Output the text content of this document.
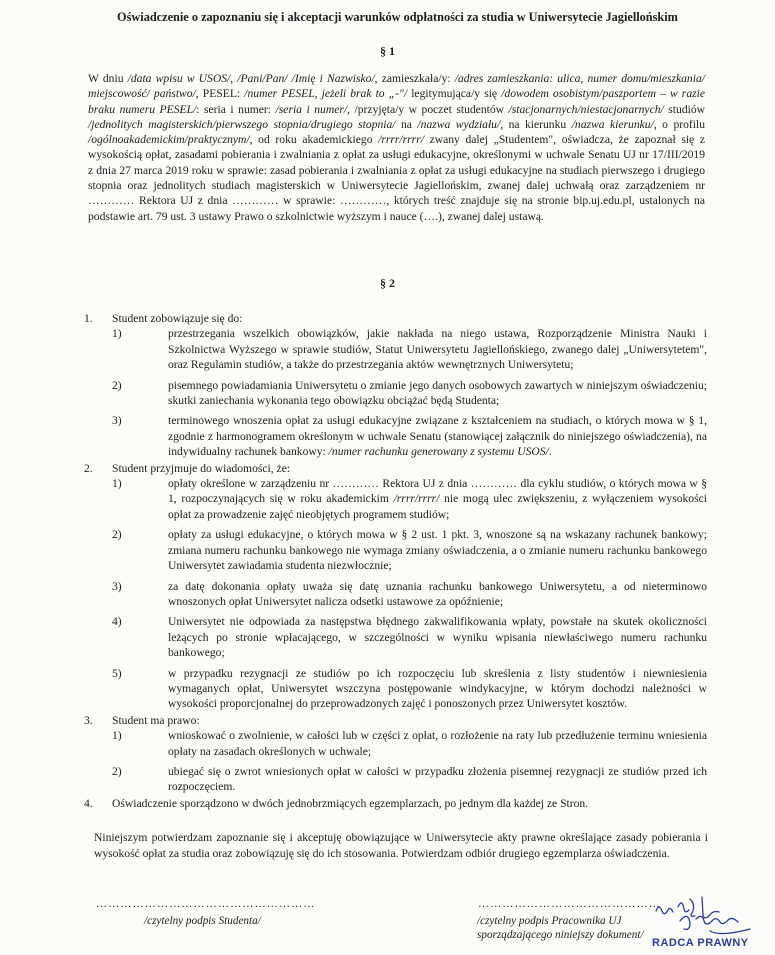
Oświadczenie o zapoznaniu się i akceptacji warunków odpłatności za studia w Uniwersytecie Jagiellońskim
§ 1
W dniu /data wpisu w USOS/, /Pani/Pan/ /Imię i Nazwisko/, zamieszkała/y: /adres zamieszkania: ulica, numer domu/mieszkania/ miejscowość/ państwo/, PESEL: /numer PESEL, jeżeli brak to „-"/ legitymująca/y się /dowodem osobistym/paszportem – w razie braku numeru PESEL/: seria i numer: /seria i numer/, /przyjęta/y w poczet studentów /stacjonarnych/niestacjonarnych/ studiów /jednolitych magisterskich/pierwszego stopnia/drugiego stopnia/ na /nazwa wydziału/, na kierunku /nazwa kierunku/, o profilu /ogólnoakademickim/praktycznym/, od roku akademickiego /rrrr/rrrr/ zwany dalej „Studentem", oświadcza, że zapoznał się z wysokością opłat, zasadami pobierania i zwalniania z opłat za usługi edukacyjne, określonymi w uchwale Senatu UJ nr 17/III/2019 z dnia 27 marca 2019 roku w sprawie: zasad pobierania i zwalniania z opłat za usługi edukacyjne na studiach pierwszego i drugiego stopnia oraz jednolitych studiach magisterskich w Uniwersytecie Jagiellońskim, zwanej dalej uchwałą oraz zarządzeniem nr ………… Rektora UJ z dnia ………… w sprawie: …………, których treść znajduje się na stronie bip.uj.edu.pl, ustalonych na podstawie art. 79 ust. 3 ustawy Prawo o szkolnictwie wyższym i nauce (….), zwanej dalej ustawą.
§ 2
1. Student zobowiązuje się do:
1)	przestrzegania wszelkich obowiązków, jakie nakłada na niego ustawa, Rozporządzenie Ministra Nauki i Szkolnictwa Wyższego w sprawie studiów, Statut Uniwersytetu Jagiellońskiego, zwanego dalej „Uniwersytetem", oraz Regulamin studiów, a także do przestrzegania aktów wewnętrznych Uniwersytetu;
2)	pisemnego powiadamiania Uniwersytetu o zmianie jego danych osobowych zawartych w niniejszym oświadczeniu; skutki zaniechania wykonania tego obowiązku obciążać będą Studenta;
3)	terminowego wnoszenia opłat za usługi edukacyjne związane z kształceniem na studiach, o których mowa w § 1, zgodnie z harmonogramem określonym w uchwale Senatu (stanowiącej załącznik do niniejszego oświadczenia), na indywidualny rachunek bankowy: /numer rachunku generowany z systemu USOS/.
2. Student przyjmuje do wiadomości, że:
1)	opłaty określone w zarządzeniu nr ………… Rektora UJ z dnia ………… dla cyklu studiów, o których mowa w § 1, rozpoczynających się w roku akademickim /rrrr/rrrr/ nie mogą ulec zwiększeniu, z wyłączeniem wysokości opłat za prowadzenie zajęć nieobjętych programem studiów;
2)	opłaty za usługi edukacyjne, o których mowa w § 2 ust. 1 pkt. 3, wnoszone są na wskazany rachunek bankowy; zmiana numeru rachunku bankowego nie wymaga zmiany oświadczenia, a o zmianie numeru rachunku bankowego Uniwersytet zawiadamia studenta niezwłocznie;
3)	za datę dokonania opłaty uważa się datę uznania rachunku bankowego Uniwersytetu, a od nieterminowo wnoszonych opłat Uniwersytet nalicza odsetki ustawowe za opóźnienie;
4)	Uniwersytet nie odpowiada za następstwa błędnego zakwalifikowania wpłaty, powstałe na skutek okoliczności leżących po stronie wpłacającego, w szczególności w wyniku wpisania niewłaściwego numeru rachunku bankowego;
5)	w przypadku rezygnacji ze studiów po ich rozpoczęciu lub skreślenia z listy studentów i niewniesienia wymaganych opłat, Uniwersytet wszczyna postępowanie windykacyjne, w którym dochodzi należności w wysokości proporcjonalnej do przeprowadzonych zajęć i ponoszonych przez Uniwersytet kosztów.
3. Student ma prawo:
1)	wnioskować o zwolnienie, w całości lub w części z opłat, o rozłożenie na raty lub przedłużenie terminu wniesienia opłaty na zasadach określonych w uchwale;
2)	ubiegać się o zwrot wniesionych opłat w całości w przypadku złożenia pisemnej rezygnacji ze studiów przed ich rozpoczęciem.
4. Oświadczenie sporządzono w dwóch jednobrzmiących egzemplarzach, po jednym dla każdej ze Stron.
Niniejszym potwierdzam zapoznanie się i akceptuję obowiązujące w Uniwersytecie akty prawne określające zasady pobierania i wysokość opłat za studia oraz zobowiązuję się do ich stosowania. Potwierdzam odbiór drugiego egzemplarza oświadczenia.
………………………………………………
/czytelny podpis Studenta/
………………………………………
/czytelny podpis Pracownika UJ sporządzającego niniejszy dokument/
RADCA PRAWNY
